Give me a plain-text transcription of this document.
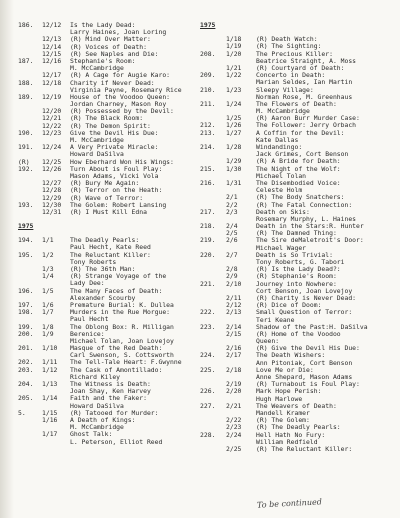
186.	12/12	Is the Lady Dead:
Larry Haines, Joan Loring
12/13	(R) Mind Over Matter:
12/14	(R) Voices of Death:
12/15	(R) See Naples and Die:
187.	12/16	Stephanie's Room:
M. McCambridge
12/17	(R) A Cage for Augie Karo:
188.	12/18	Charity if Never Dead:
Virginia Payne, Rosemary Rice
189.	12/19	House of the Voodoo Queen:
Jordan Charney, Mason Roy
12/20	(R) Possessed by the Devil:
12/21	(R) The Black Room:
12/22	(R) The Demon Spirit:
190.	12/23	Give the Devil His Due:
M. McCambridge
191.	12/24	A Very Private Miracle:
Howard DaSilva
(R)	12/25	How Eberhard Won His Wings:
192.	12/26	Turn About is Foul Play:
Mason Adams, Vicki Vola
12/27	(R) Bury Me Again:
12/28	(R) Terror on the Heath:
12/29	(R) Wave of Terror:
193.	12/30	The Golem: Robert Lansing
12/31	(R) I Must Kill Edna
1975
194.	1/1	The Deadly Pearls:
Paul Hecht, Kate Reed
195.	1/2	The Reluctant Killer:
Tony Roberts
1/3	(R) The 36th Man:
1/4	(R) Strange Voyage of the
Lady Dee:
196.	1/5	The Many Faces of Death:
Alexander Scourby
197.	1/6	Premature Burial: K. Dullea
198.	1/7	Murders in the Rue Morgue:
Paul Hecht
199.	1/8	The Oblong Box: R. Milligan
200.	1/9	Berenice:
Michael Tolan, Joan Lovejoy
201.	1/10	Masque of the Red Death:
Carl Swenson, S. Cottsworth
202.	1/11	The Tell-Tale Heart: F.Gwynne
203.	1/12	The Cask of Amontillado:
Richard Kiley
204.	1/13	The Witness is Death:
Joan Shay, Ken Harvey
205.	1/14	Faith and the Faker:
Howard DaSilva
5.	1/15	(R) Tatooed for Murder:
1/16	A Death of Kings:
M. McCambridge
1/17	Ghost Talk:
L. Peterson, Elliot Reed
1975
1/18	(R) Death Watch:
1/19	(R) The Sighting:
208.	1/20	The Precious Killer:
Beatrice Straight, A. Moss
1/21	(R) Courtyard of Death:
209.	1/22	Concerto in Death:
Marian Seldes, Ian Martin
210.	1/23	Sleepy Village:
Norman Rose, M. Greenhaus
211.	1/24	The Flowers of Death:
M. McCambridge
1/25	(R) Aaron Burr Murder Case:
212.	1/26	The Follower: Jerry Orbach
213.	1/27	A Coffin for the Devil:
Kate Dallas
214.	1/28	Windandingo:
Jack Grimes, Cort Benson
1/29	(R) A Bride for Death:
215.	1/30	The Night of the Wolf:
Michael Tolan
216.	1/31	The Disembodied Voice:
Celeste Holm
2/1	(R) The Body Snatchers:
2/2	(R) The Fatal Connection:
217.	2/3	Death on Skis:
Rosemary Murphy, L. Haines
218.	2/4	Death in the Stars:R. Hunter
2/5	(R) The Damned Thing:
219.	2/6	The Sire deMaletroit's Door:
Michael Wager
220.	2/7	Death is So Trivial:
Tony Roberts, G. Tabori
2/8	(R) Is the Lady Dead?:
2/9	(R) Stephanie's Room:
221.	2/10	Journey into Nowhere:
Cort Benson, Joan Lovejoy
2/11	(R) Charity is Never Dead:
2/12	(R) Dice of Doom:
222.	2/13	Small Question of Terror:
Teri Keane
223.	2/14	Shadow of the Past:H. DaSilva
2/15	(R) Home of the Voodoo
Queen:
2/16	(R) Give the Devil His Due:
224.	2/17	The Death Wishers:
Ann Pitoniak, Cort Benson
225.	2/18	Love Me or Die:
Anne Shepard, Mason Adams
2/19	(R) Turnabout is Foul Play:
226.	2/20	Mark Hope Perish:
Hugh Marlowe
227.	2/21	The Weavers of Death:
Mandell Kramer
2/22	(R) The Golem:
2/23	(R) The Deadly Pearls:
228.	2/24	Hell Hath No Fury:
William Redfield
2/25	(R) The Reluctant Killer:
To be continued
